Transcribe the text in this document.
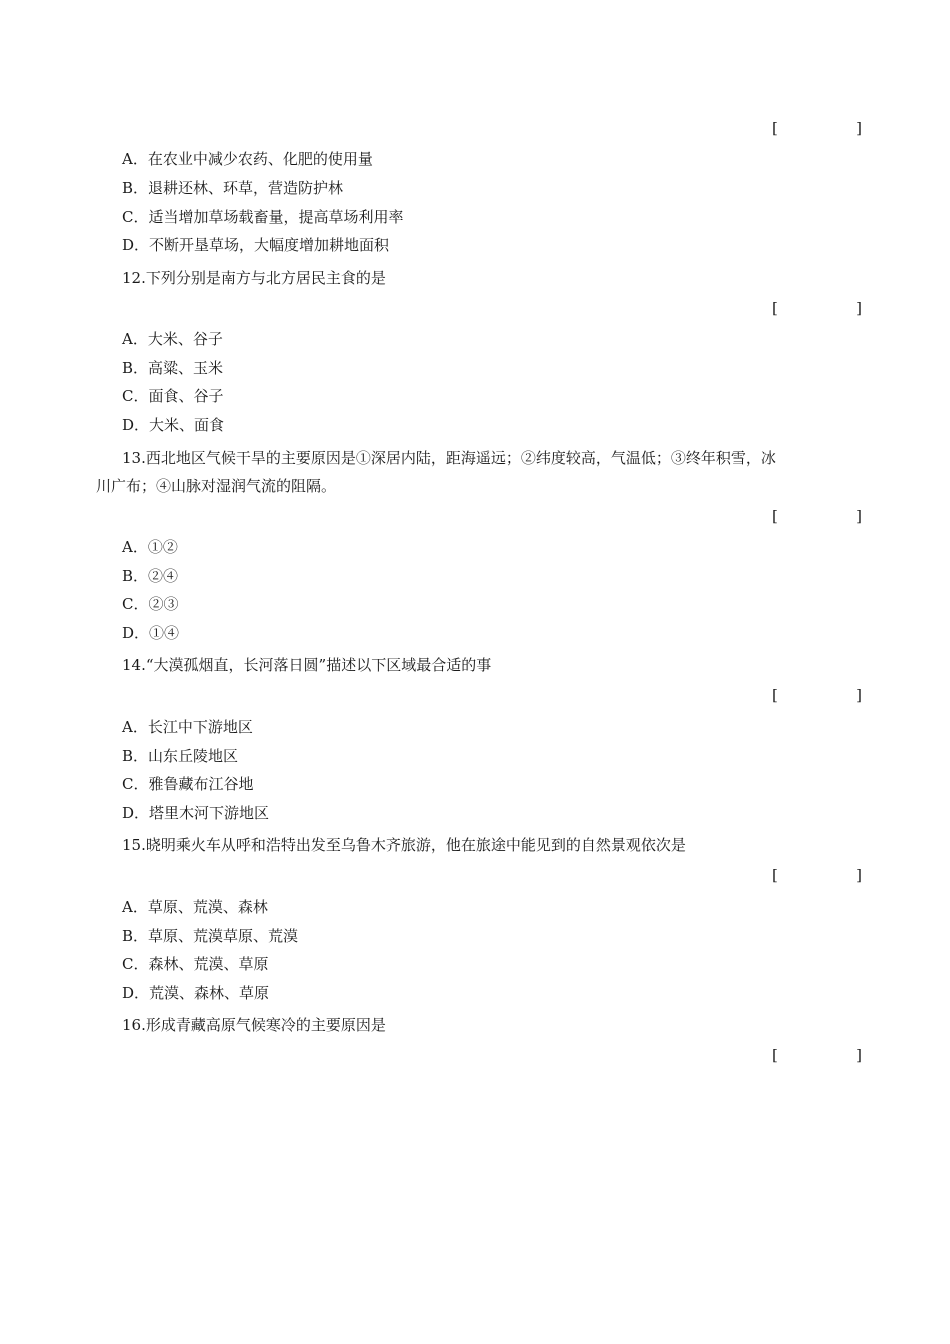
[	]
A．在农业中减少农药、化肥的使用量
B．退耕还林、环草，营造防护林
C．适当增加草场载畜量，提高草场利用率
D．不断开垦草场，大幅度增加耕地面积
12.下列分别是南方与北方居民主食的是
[	]
A．大米、谷子
B．高粱、玉米
C．面食、谷子
D．大米、面食
13.西北地区气候干旱的主要原因是①深居内陆，距海遥远；②纬度较高，气温低；③终年积雪，冰
川广布；④山脉对湿润气流的阻隔。
[	]
A．①②
B．②④
C．②③
D．①④
14.“大漠孤烟直，长河落日圆”描述以下区域最合适的事
[	]
A．长江中下游地区
B．山东丘陵地区
C．雅鲁藏布江谷地
D．塔里木河下游地区
15.晓明乘火车从呼和浩特出发至乌鲁木齐旅游，他在旅途中能见到的自然景观依次是
[	]
A．草原、荒漠、森林
B．草原、荒漠草原、荒漠
C．森林、荒漠、草原
D．荒漠、森林、草原
16.形成青藏高原气候寒冷的主要原因是
[	]
